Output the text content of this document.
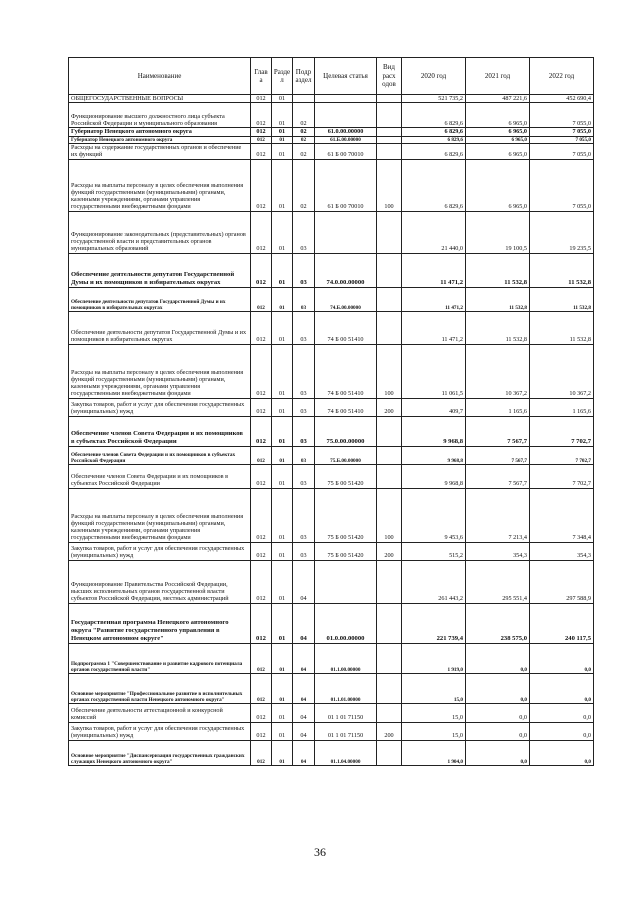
Наименование	Глав а	Разде л	Подр аздел	Целевая статья	Вид расх одов	2020 год	2021 год	2022 год
ОБЩЕГОСУДАРСТВЕННЫЕ ВОПРОСЫ	012	01				521 735,2	487 221,6	452 690,4
Функционирование высшего должностного лица субъекта Российской Федерации и муниципального образования	012	01	02			6 829,6	6 965,0	7 055,0
Губернатор Ненецкого автономного округа	012	01	02	61.0.00.00000		6 829,6	6 965,0	7 055,0
Губернатор Ненецкого автономного округа	012	01	02	61.Б.00.00000		6 829,6	6 965,0	7 055,0
Расходы на содержание государственных органов и обеспечение их функций	012	01	02	61 Б 00 70010		6 829,6	6 965,0	7 055,0
Расходы на выплаты персоналу в целях обеспечения выполнения функций государственными (муниципальными) органами, казенными учреждениями, органами управления государственными внебюджетными фондами	012	01	02	61 Б 00 70010	100	6 829,6	6 965,0	7 055,0
Функционирование законодательных (представительных) органов государственной власти и представительных органов муниципальных образований	012	01	03			21 440,0	19 100,5	19 235,5
Обеспечение деятельности депутатов Государственной Думы и их помощников в избирательных округах	012	01	03	74.0.00.00000		11 471,2	11 532,8	11 532,8
Обеспечение деятельности депутатов Государственной Думы и их помощников в избирательных округах	012	01	03	74.Б.00.00000		11 471,2	11 532,8	11 532,8
Обеспечение деятельности депутатов Государственной Думы и их помощников в избирательных округах	012	01	03	74 Б 00 51410		11 471,2	11 532,8	11 532,8
Расходы на выплаты персоналу в целях обеспечения выполнения функций государственными (муниципальными) органами, казенными учреждениями, органами управления государственными внебюджетными фондами	012	01	03	74 Б 00 51410	100	11 061,5	10 367,2	10 367,2
Закупка товаров, работ и услуг для обеспечения государственных (муниципальных) нужд	012	01	03	74 Б 00 51410	200	409,7	1 165,6	1 165,6
Обеспечение членов Совета Федерации и их помощников в субъектах Российской Федерации	012	01	03	75.0.00.00000		9 968,8	7 567,7	7 702,7
Обеспечение членов Совета Федерации и их помощников в субъектах Российской Федерации	012	01	03	75.Б.00.00000		9 968,8	7 567,7	7 702,7
Обеспечение членов Совета Федерации и их помощников в субъектах Российской Федерации	012	01	03	75 Б 00 51420		9 968,8	7 567,7	7 702,7
Расходы на выплаты персоналу в целях обеспечения выполнения функций государственными (муниципальными) органами, казенными учреждениями, органами управления государственными внебюджетными фондами	012	01	03	75 Б 00 51420	100	9 453,6	7 213,4	7 348,4
Закупка товаров, работ и услуг для обеспечения государственных (муниципальных) нужд	012	01	03	75 Б 00 51420	200	515,2	354,3	354,3
Функционирование Правительства Российской Федерации, высших исполнительных органов государственной власти субъектов Российской Федерации, местных администраций	012	01	04			261 443,2	295 551,4	297 588,9
Государственная программа Ненецкого автономного округа "Развитие государственного управления в Ненецком автономном округе"	012	01	04	01.0.00.00000		221 739,4	238 575,0	240 117,5
Подпрограмма 1 "Совершенствование и развитие кадрового потенциала органов государственной власти"	012	01	04	01.1.00.00000		1 919,0	0,0	0,0
Основное мероприятие "Профессиональное развитие в исполнительных органах государственной власти Ненецкого автономного округа"	012	01	04	01.1.01.00000		15,0	0,0	0,0
Обеспечение деятельности аттестационной и конкурсной комиссий	012	01	04	01 1 01 71150		15,0	0,0	0,0
Закупка товаров, работ и услуг для обеспечения государственных (муниципальных) нужд	012	01	04	01 1 01 71150	200	15,0	0,0	0,0
Основное мероприятие "Диспансеризация государственных гражданских служащих Ненецкого автономного округа"	012	01	04	01.1.04.00000		1 904,0	0,0	0,0
36
